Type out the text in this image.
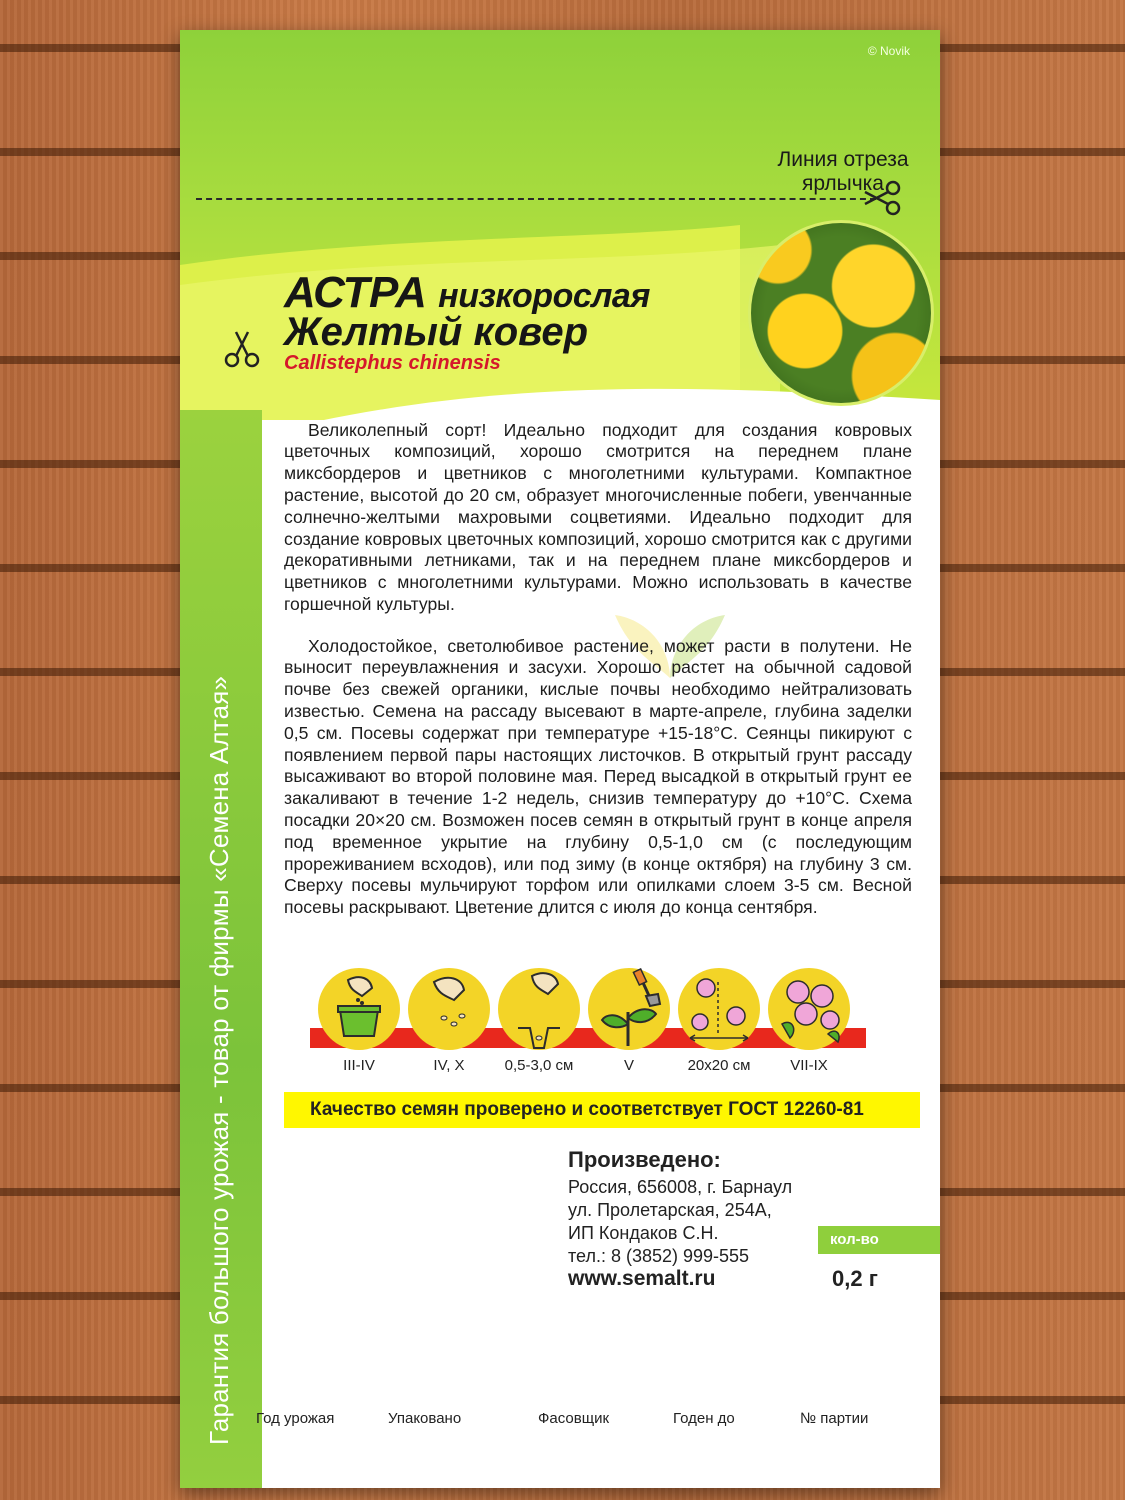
© Novik
Линия отреза
ярлычка
АСТРА низкорослая
Желтый ковер
Callistephus chinensis
Гарантия большого урожая - товар от фирмы «Семена Алтая»

Великолепный сорт! Идеально подходит для создания ковровых цветочных композиций, хорошо смотрится на переднем плане миксбордеров и цветников с многолетними культурами. Компактное растение, высотой до 20 см, образует многочисленные побеги, увенчанные солнечно-желтыми махровыми соцветиями. Идеально подходит для создание ковровых цветочных композиций, хорошо смотрится как с другими декоративными летниками, так и на переднем плане миксбордеров и цветников с многолетними культурами. Можно использовать в качестве горшечной культуры.

Холодостойкое, светолюбивое растение, может расти в полутени. Не выносит переувлажнения и засухи. Хорошо растет на обычной садовой почве без свежей органики, кислые почвы необходимо нейтрализовать известью. Семена на рассаду высевают в марте-апреле, глубина заделки 0,5 см. Посевы содержат при температуре +15-18°С. Сеянцы пикируют с появлением первой пары настоящих листочков. В открытый грунт рассаду высаживают во второй половине мая. Перед высадкой в открытый грунт ее закаливают в течение 1-2 недель, снизив температуру до +10°С. Схема посадки 20×20 см. Возможен посев семян в открытый грунт в конце апреля под временное укрытие на глубину 0,5-1,0 см (с последующим прореживанием всходов), или под зиму (в конце октября) на глубину 3 см. Сверху посевы мульчируют торфом или опилками слоем 3-5 см. Весной посевы раскрывают. Цветение длится с июля до конца сентября.

III-IV	IV, X	0,5-3,0 см	V	20х20 см	VII-IX
Качество семян проверено и соответствует ГОСТ 12260-81
Произведено:
Россия, 656008, г. Барнаул
ул. Пролетарская, 254А,
ИП Кондаков С.Н.
тел.: 8 (3852) 999-555
www.semalt.ru
кол-во
0,2 г
Год урожая	Упаковано	Фасовщик	Годен до	№ партии
